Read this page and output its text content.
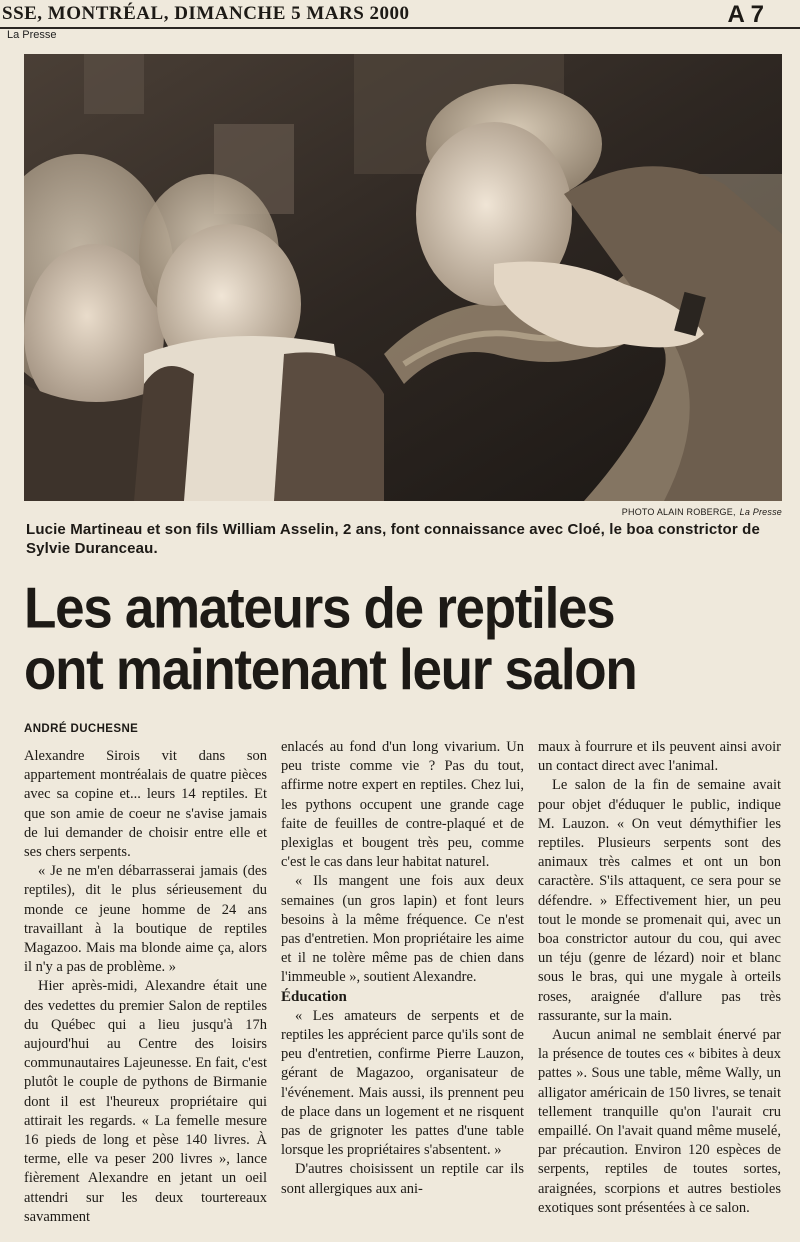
SSE, MONTRÉAL, DIMANCHE 5 MARS 2000	A 7
La Presse
PHOTO ALAIN ROBERGE, La Presse
Lucie Martineau et son fils William Asselin, 2 ans, font connaissance avec Cloé, le boa constrictor de Sylvie Duranceau.
Les amateurs de reptiles
ont maintenant leur salon
ANDRÉ DUCHESNE

Alexandre Sirois vit dans son appartement montréalais de quatre pièces avec sa copine et... leurs 14 reptiles. Et que son amie de coeur ne s'avise jamais de lui demander de choisir entre elle et ses chers serpents.

« Je ne m'en débarrasserai jamais (des reptiles), dit le plus sérieusement du monde ce jeune homme de 24 ans travaillant à la boutique de reptiles Magazoo. Mais ma blonde aime ça, alors il n'y a pas de problème. »

Hier après-midi, Alexandre était une des vedettes du premier Salon de reptiles du Québec qui a lieu jusqu'à 17h aujourd'hui au Centre des loisirs communautaires Lajeunesse. En fait, c'est plutôt le couple de pythons de Birmanie dont il est l'heureux propriétaire qui attirait les regards. « La femelle mesure 16 pieds de long et pèse 140 livres. À terme, elle va peser 200 livres », lance fièrement Alexandre en jetant un oeil attendri sur les deux tourtereaux savamment

enlacés au fond d'un long vivarium. Un peu triste comme vie ? Pas du tout, affirme notre expert en reptiles. Chez lui, les pythons occupent une grande cage faite de feuilles de contre-plaqué et de plexiglas et bougent très peu, comme c'est le cas dans leur habitat naturel.

« Ils mangent une fois aux deux semaines (un gros lapin) et font leurs besoins à la même fréquence. Ce n'est pas d'entretien. Mon propriétaire les aime et il ne tolère même pas de chien dans l'immeuble », soutient Alexandre.

Éducation

« Les amateurs de serpents et de reptiles les apprécient parce qu'ils sont de peu d'entretien, confirme Pierre Lauzon, gérant de Magazoo, organisateur de l'événement. Mais aussi, ils prennent peu de place dans un logement et ne risquent pas de grignoter les pattes d'une table lorsque les propriétaires s'absentent. »

D'autres choisissent un reptile car ils sont allergiques aux ani-

maux à fourrure et ils peuvent ainsi avoir un contact direct avec l'animal.

Le salon de la fin de semaine avait pour objet d'éduquer le public, indique M. Lauzon. « On veut démythifier les reptiles. Plusieurs serpents sont des animaux très calmes et ont un bon caractère. S'ils attaquent, ce sera pour se défendre. » Effectivement hier, un peu tout le monde se promenait qui, avec un boa constrictor autour du cou, qui avec un téju (genre de lézard) noir et blanc sous le bras, qui une mygale à orteils roses, araignée d'allure pas très rassurante, sur la main.

Aucun animal ne semblait énervé par la présence de toutes ces « bibites à deux pattes ». Sous une table, même Wally, un alligator américain de 150 livres, se tenait tellement tranquille qu'on l'aurait cru empaillé. On l'avait quand même muselé, par précaution. Environ 120 espèces de serpents, reptiles de toutes sortes, araignées, scorpions et autres bestioles exotiques sont présentées à ce salon.
